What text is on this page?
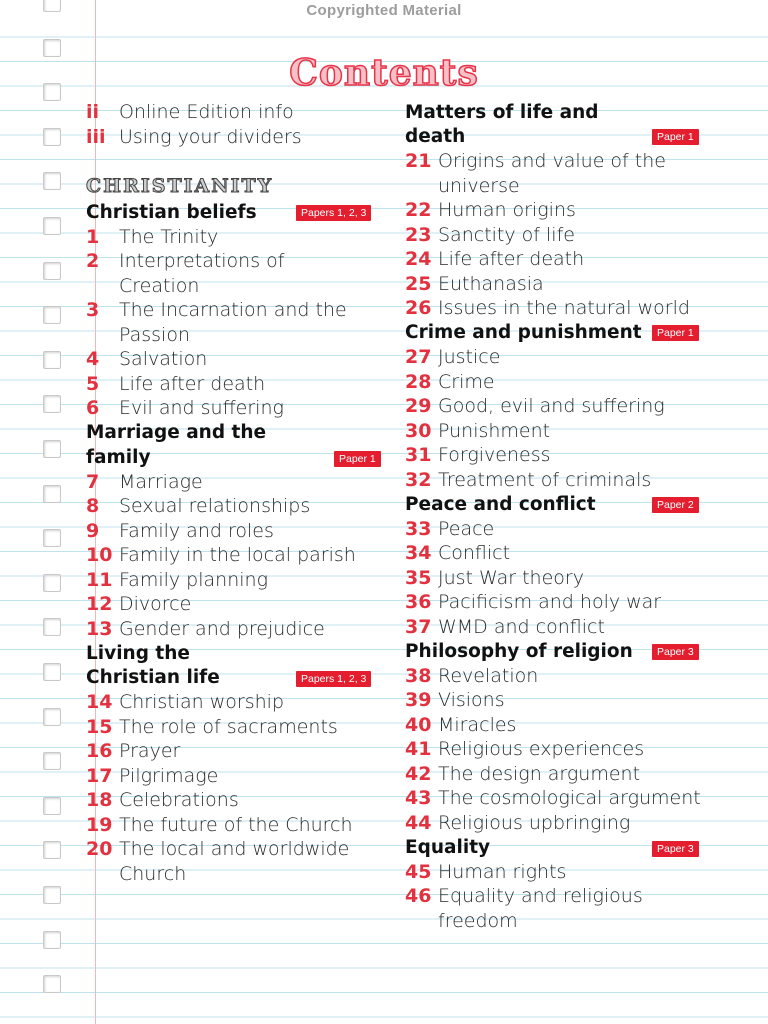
Copyrighted Material
Contents
ii	Online Edition info
iii Using your dividers
CHRISTIANITY
Christian beliefs	Papers 1, 2, 3
1	The Trinity
2	Interpretations of
Creation
3	The Incarnation and the
Passion
4	Salvation
5	Life after death
6	Evil and suffering
Marriage and the
family	Paper 1
7	Marriage
8	Sexual relationships
9	Family and roles
10 Family in the local parish
11 Family planning
12 Divorce
13 Gender and prejudice
Living the
Christian life	Papers 1, 2, 3
14 Christian worship
15 The role of sacraments
16 Prayer
17 Pilgrimage
18 Celebrations
19 The future of the Church
20 The local and worldwide
Church
Matters of life and
death	Paper 1
21 Origins and value of the
universe
22 Human origins
23 Sanctity of life
24 Life after death
25 Euthanasia
26 Issues in the natural world
Crime and punishment	Paper 1
27 Justice
28 Crime
29 Good, evil and suffering
30 Punishment
31 Forgiveness
32 Treatment of criminals
Peace and conflict	Paper 2
33 Peace
34 Conflict
35 Just War theory
36 Pacificism and holy war
37 WMD and conflict
Philosophy of religion	Paper 3
38 Revelation
39 Visions
40 Miracles
41 Religious experiences
42 The design argument
43 The cosmological argument
44 Religious upbringing
Equality	Paper 3
45 Human rights
46 Equality and religious
freedom
